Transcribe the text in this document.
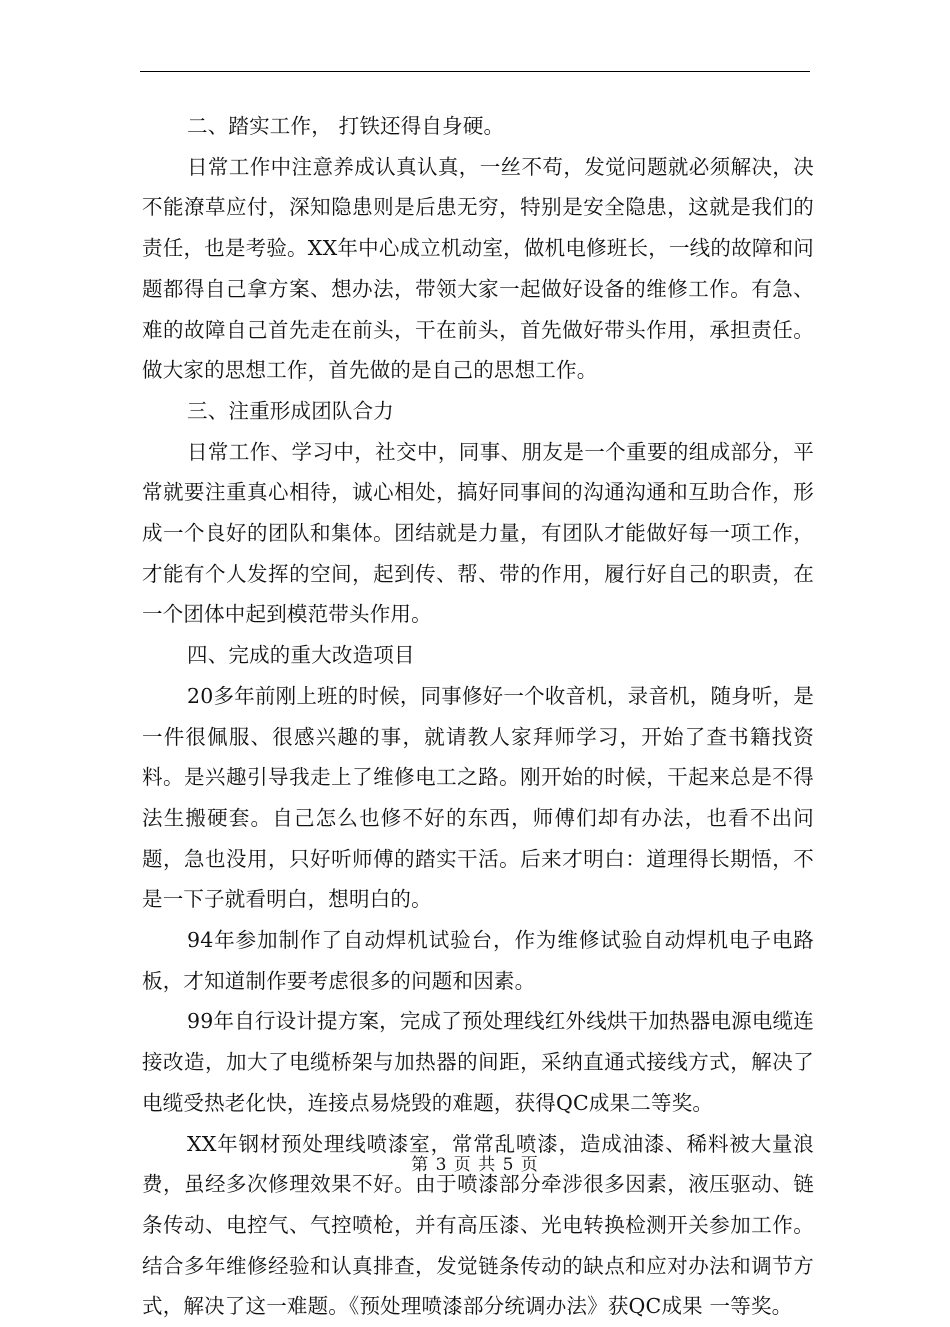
二、踏实工作， 打铁还得自身硬。

日常工作中注意养成认真认真，一丝不苟，发觉问题就必须解决，决不能潦草应付，深知隐患则是后患无穷，特别是安全隐患，这就是我们的责任，也是考验。XX年中心成立机动室，做机电修班长，一线的故障和问题都得自己拿方案、想办法，带领大家一起做好设备的维修工作。有急、难的故障自己首先走在前头，干在前头，首先做好带头作用，承担责任。做大家的思想工作，首先做的是自己的思想工作。

三、注重形成团队合力

日常工作、学习中，社交中，同事、朋友是一个重要的组成部分，平常就要注重真心相待，诚心相处，搞好同事间的沟通沟通和互助合作，形成一个良好的团队和集体。团结就是力量，有团队才能做好每一项工作，才能有个人发挥的空间，起到传、帮、带的作用，履行好自己的职责，在一个团体中起到模范带头作用。

四、完成的重大改造项目

20多年前刚上班的时候，同事修好一个收音机，录音机，随身听，是一件很佩服、很感兴趣的事，就请教人家拜师学习，开始了查书籍找资料。是兴趣引导我走上了维修电工之路。刚开始的时候，干起来总是不得法生搬硬套。自己怎么也修不好的东西，师傅们却有办法，也看不出问题，急也没用，只好听师傅的踏实干活。后来才明白：道理得长期悟，不是一下子就看明白，想明白的。

94年参加制作了自动焊机试验台，作为维修试验自动焊机电子电路板，才知道制作要考虑很多的问题和因素。

99年自行设计提方案，完成了预处理线红外线烘干加热器电源电缆连接改造，加大了电缆桥架与加热器的间距，采纳直通式接线方式，解决了电缆受热老化快，连接点易烧毁的难题，获得QC成果二等奖。

XX年钢材预处理线喷漆室，常常乱喷漆，造成油漆、稀料被大量浪费，虽经多次修理效果不好。由于喷漆部分牵涉很多因素，液压驱动、链条传动、电控气、气控喷枪，并有高压漆、光电转换检测开关参加工作。结合多年维修经验和认真排查，发觉链条传动的缺点和应对办法和调节方式，解决了这一难题。《预处理喷漆部分统调办法》获QC成果 一等奖。

第 3 页 共 5 页
